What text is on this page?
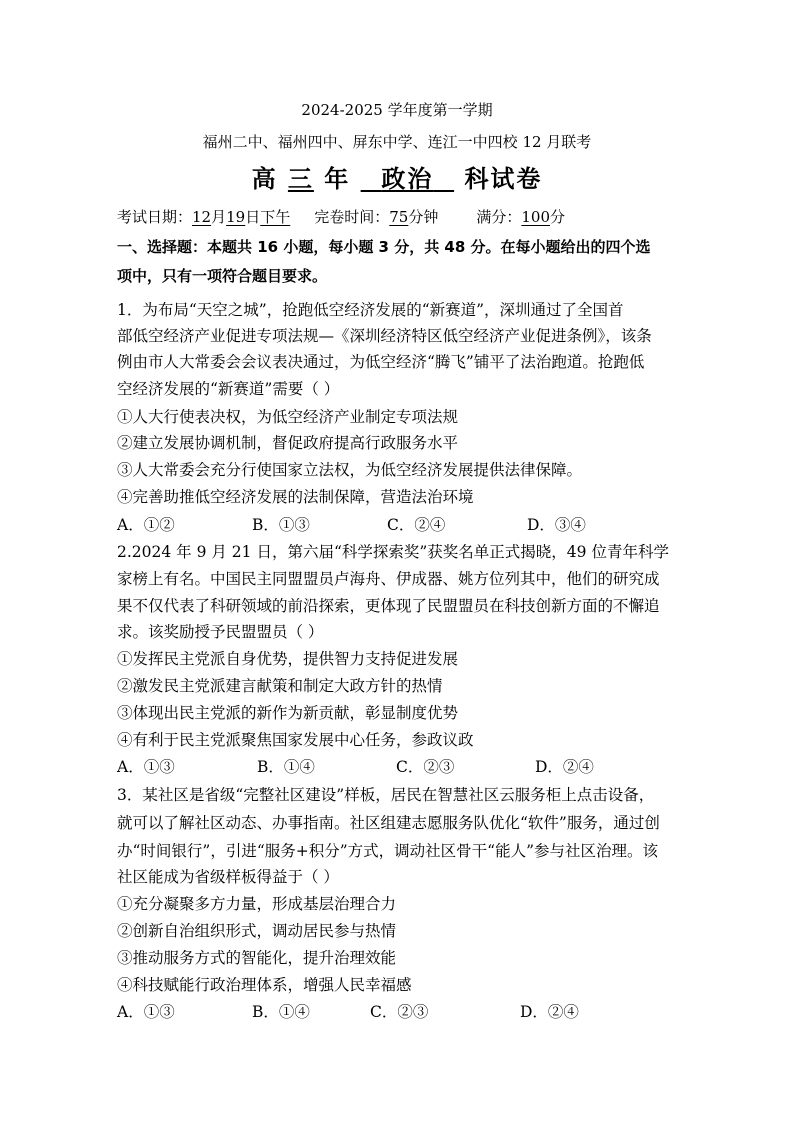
2024-2025 学年度第一学期
福州二中、福州四中、屏东中学、连江一中四校 12 月联考
高 三 年 政治 科试卷
考试日期：12月19日下午 完卷时间：75分钟	满分：100分
一、选择题：本题共 16 小题，每小题 3 分，共 48 分。在每小题给出的四个选
项中，只有一项符合题目要求。
1．为布局“天空之城”，抢跑低空经济发展的“新赛道”，深圳通过了全国首
部低空经济产业促进专项法规—《深圳经济特区低空经济产业促进条例》，该条
例由市人大常委会会议表决通过，为低空经济“腾飞”铺平了法治跑道。抢跑低
空经济发展的“新赛道”需要（ ）
①人大行使表决权，为低空经济产业制定专项法规
②建立发展协调机制，督促政府提高行政服务水平
③人大常委会充分行使国家立法权，为低空经济发展提供法律保障。
④完善助推低空经济发展的法制保障，营造法治环境
A．①②	B．①③	C．②④	D．③④
2.2024 年 9 月 21 日，第六届“科学探索奖”获奖名单正式揭晓，49 位青年科学
家榜上有名。中国民主同盟盟员卢海舟、伊成器、姚方位列其中，他们的研究成
果不仅代表了科研领域的前沿探索，更体现了民盟盟员在科技创新方面的不懈追
求。该奖励授予民盟盟员（ ）
①发挥民主党派自身优势，提供智力支持促进发展
②激发民主党派建言献策和制定大政方针的热情
③体现出民主党派的新作为新贡献，彰显制度优势
④有利于民主党派聚焦国家发展中心任务，参政议政
A．①③	B．①④	C．②③	D．②④
3．某社区是省级“完整社区建设”样板，居民在智慧社区云服务柜上点击设备，
就可以了解社区动态、办事指南。社区组建志愿服务队优化“软件”服务，通过创
办“时间银行”，引进“服务+积分”方式，调动社区骨干“能人”参与社区治理。该
社区能成为省级样板得益于（ ）
①充分凝聚多方力量，形成基层治理合力
②创新自治组织形式，调动居民参与热情
③推动服务方式的智能化，提升治理效能
④科技赋能行政治理体系，增强人民幸福感
A．①③	B．①④	C．②③	D．②④
